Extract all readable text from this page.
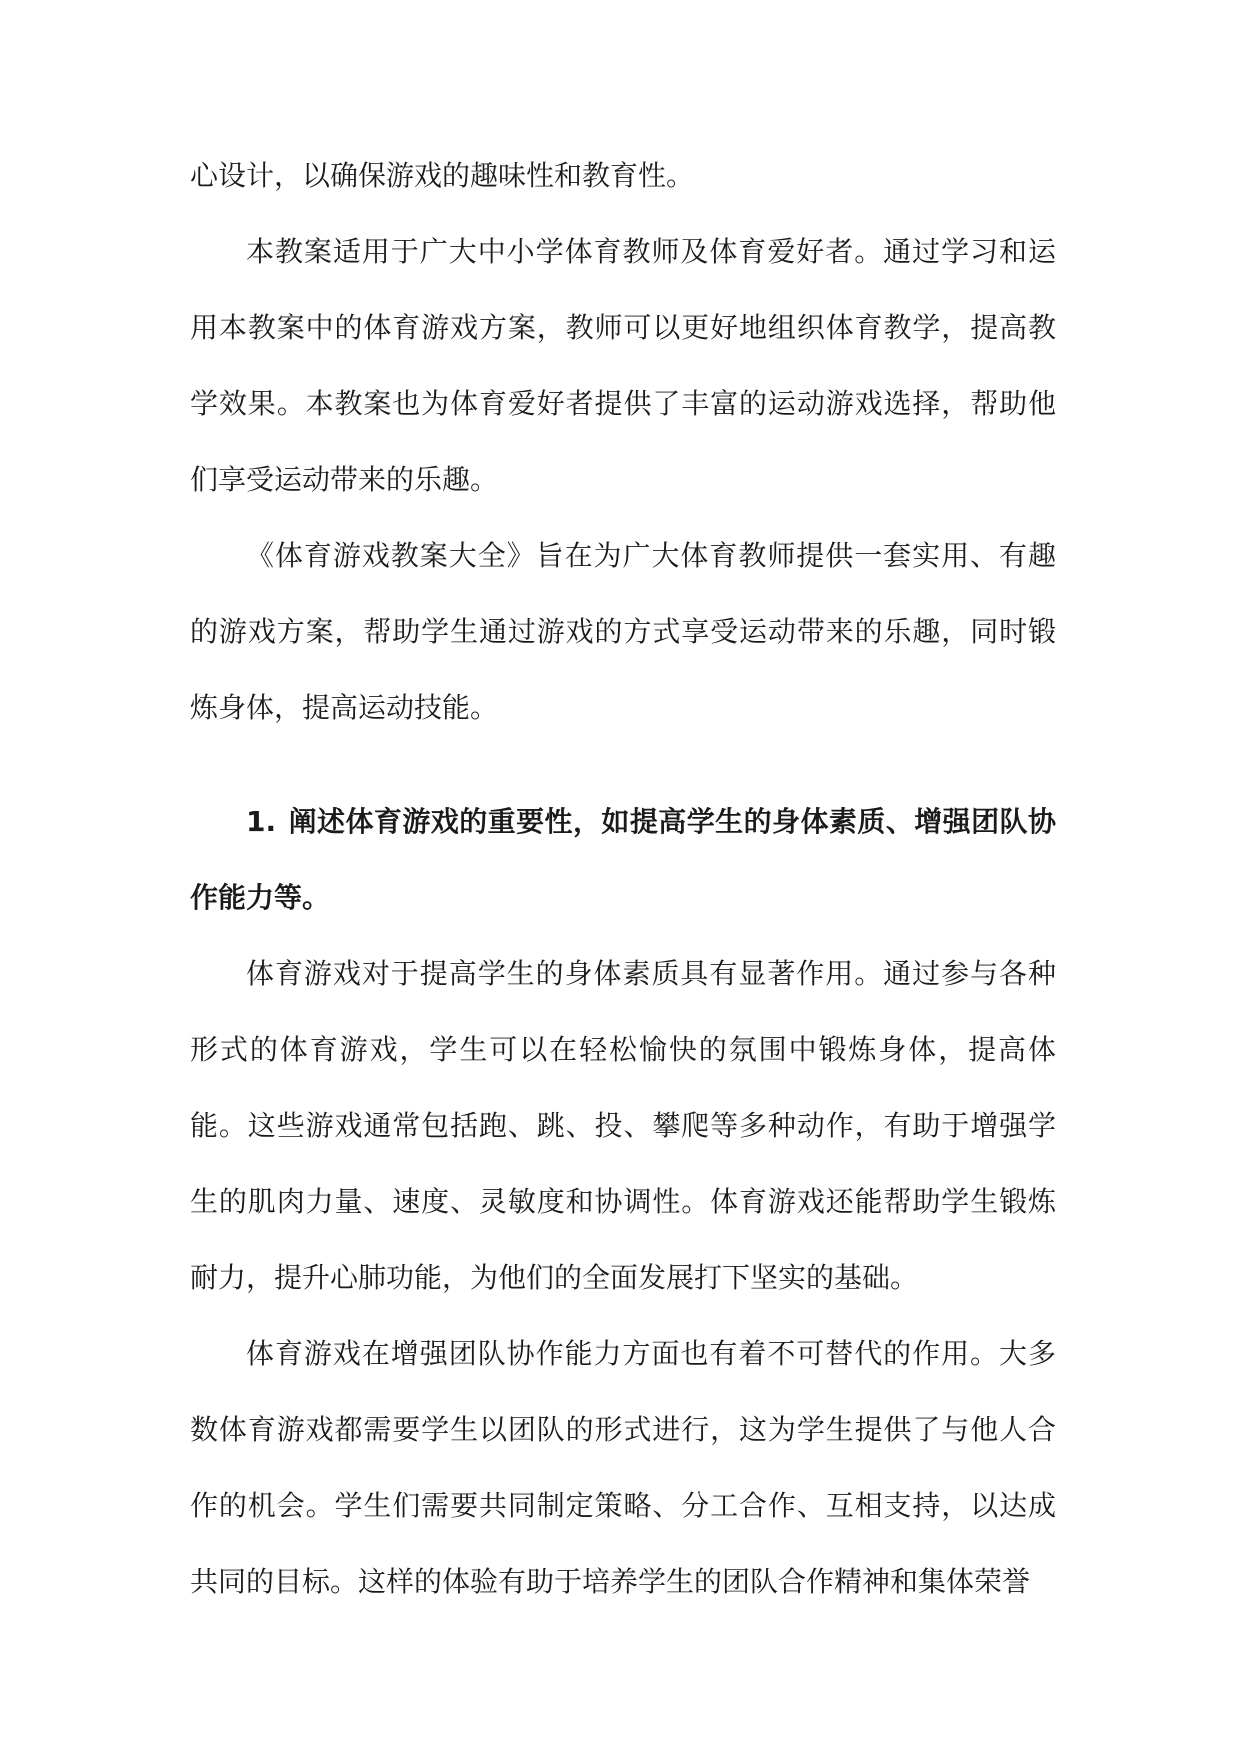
心设计，以确保游戏的趣味性和教育性。

本教案适用于广大中小学体育教师及体育爱好者。通过学习和运用本教案中的体育游戏方案，教师可以更好地组织体育教学，提高教学效果。本教案也为体育爱好者提供了丰富的运动游戏选择，帮助他们享受运动带来的乐趣。

《体育游戏教案大全》旨在为广大体育教师提供一套实用、有趣的游戏方案，帮助学生通过游戏的方式享受运动带来的乐趣，同时锻炼身体，提高运动技能。

1. 阐述体育游戏的重要性，如提高学生的身体素质、增强团队协作能力等。

体育游戏对于提高学生的身体素质具有显著作用。通过参与各种形式的体育游戏，学生可以在轻松愉快的氛围中锻炼身体，提高体能。这些游戏通常包括跑、跳、投、攀爬等多种动作，有助于增强学生的肌肉力量、速度、灵敏度和协调性。体育游戏还能帮助学生锻炼耐力，提升心肺功能，为他们的全面发展打下坚实的基础。

体育游戏在增强团队协作能力方面也有着不可替代的作用。大多数体育游戏都需要学生以团队的形式进行，这为学生提供了与他人合作的机会。学生们需要共同制定策略、分工合作、互相支持，以达成共同的目标。这样的体验有助于培养学生的团队合作精神和集体荣誉
